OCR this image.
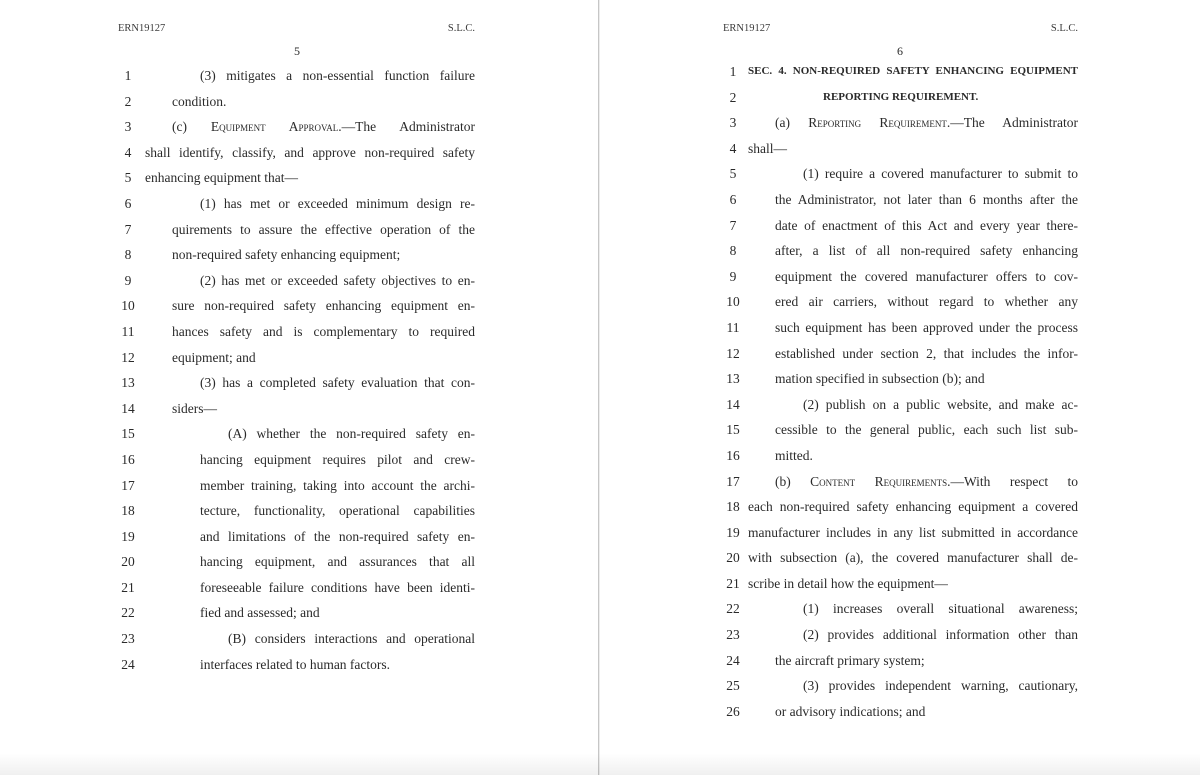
ERN19127	S.L.C.
5
1	(3) mitigates a non-essential function failure
2	condition.
3	(c) Equipment Approval.—The Administrator
4	shall identify, classify, and approve non-required safety
5	enhancing equipment that—
6	(1) has met or exceeded minimum design re-
7	quirements to assure the effective operation of the
8	non-required safety enhancing equipment;
9	(2) has met or exceeded safety objectives to en-
10	sure non-required safety enhancing equipment en-
11	hances safety and is complementary to required
12	equipment; and
13	(3) has a completed safety evaluation that con-
14	siders—
15	(A) whether the non-required safety en-
16	hancing equipment requires pilot and crew-
17	member training, taking into account the archi-
18	tecture, functionality, operational capabilities
19	and limitations of the non-required safety en-
20	hancing equipment, and assurances that all
21	foreseeable failure conditions have been identi-
22	fied and assessed; and
23	(B) considers interactions and operational
24	interfaces related to human factors.
ERN19127	S.L.C.
6
1	SEC. 4. NON-REQUIRED SAFETY ENHANCING EQUIPMENT
2	REPORTING REQUIREMENT.
3	(a) Reporting Requirement.—The Administrator
4 shall—
5	(1) require a covered manufacturer to submit to
6	the Administrator, not later than 6 months after the
7	date of enactment of this Act and every year there-
8	after, a list of all non-required safety enhancing
9	equipment the covered manufacturer offers to cov-
10	ered air carriers, without regard to whether any
11	such equipment has been approved under the process
12	established under section 2, that includes the infor-
13	mation specified in subsection (b); and
14	(2) publish on a public website, and make ac-
15	cessible to the general public, each such list sub-
16	mitted.
17	(b) Content Requirements.—With respect to
18 each non-required safety enhancing equipment a covered
19 manufacturer includes in any list submitted in accordance
20 with subsection (a), the covered manufacturer shall de-
21 scribe in detail how the equipment—
22	(1) increases overall situational awareness;
23	(2) provides additional information other than
24	the aircraft primary system;
25	(3) provides independent warning, cautionary,
26	or advisory indications; and
